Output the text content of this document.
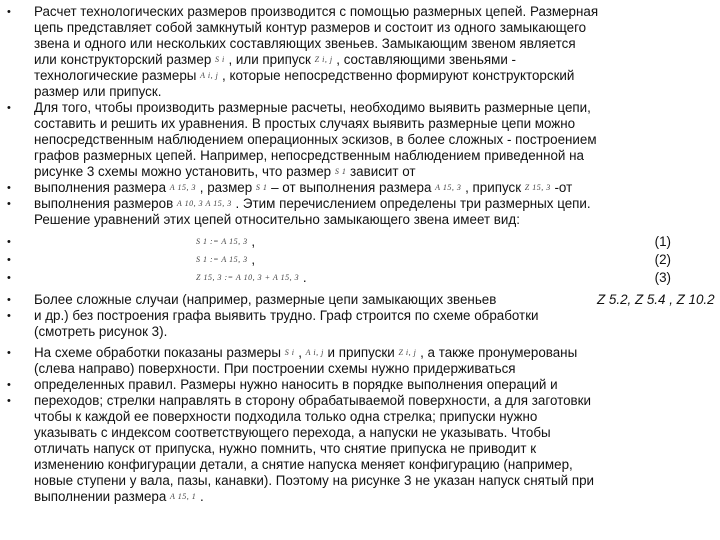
Расчет технологических размеров производится с помощью размерных цепей. Размерная
цепь представляет собой замкнутый контур размеров и состоит из одного замыкающего
звена и одного или нескольких составляющих звеньев. Замыкающим звеном является
или конструкторский размер S i , или припуск Z i, j , составляющими звеньями -
технологические размеры A i, j , которые непосредственно формируют конструкторский
размер или припуск.
Для того, чтобы производить размерные расчеты, необходимо выявить размерные цепи,
составить и решить их уравнения. В простых случаях выявить размерные цепи можно
непосредственным наблюдением операционных эскизов, в более сложных - построением
графов размерных цепей. Например, непосредственным наблюдением приведенной на
рисунке 3 схемы можно установить, что размер S 1 зависит от
выполнения размера A 15, 3 , размер S 1 – от выполнения размера A 15, 3 , припуск Z 15, 3 -от
выполнения размеров A 10, 3 A 15, 3 . Этим перечислением определены три размерных цепи.
Решение уравнений этих цепей относительно замыкающего звена имеет вид:
S 1 := A 15, 3 ,
S 1 := A 15, 3 ,
Z 15, 3 := A 10, 3 + A 15, 3 .
Более сложные случаи (например, размерные цепи замыкающих звеньев
и др.) без построения графа выявить трудно. Граф строится по схеме обработки
(смотреть рисунок 3).
На схеме обработки показаны размеры S i , A i, j и припуски Z i, j , а также пронумерованы
(слева направо) поверхности. При построении схемы нужно придерживаться
определенных правил. Размеры нужно наносить в порядке выполнения операций и
переходов; стрелки направлять в сторону обрабатываемой поверхности, а для заготовки
чтобы к каждой ее поверхности подходила только одна стрелка; припуски нужно
указывать с индексом соответствующего перехода, а напуски не указывать. Чтобы
отличать напуск от припуска, нужно помнить, что снятие припуска не приводит к
изменению конфигурации детали, а снятие напуска меняет конфигурацию (например,
новые ступени у вала, пазы, канавки). Поэтому на рисунке 3 не указан напуск снятый при
выполнении размера A 15, 1 .
•
•
•
•
•
•
•
•
•
•
•
•
(1)
(2)
(3)
Z 5.2, Z 5.4 , Z 10.2
